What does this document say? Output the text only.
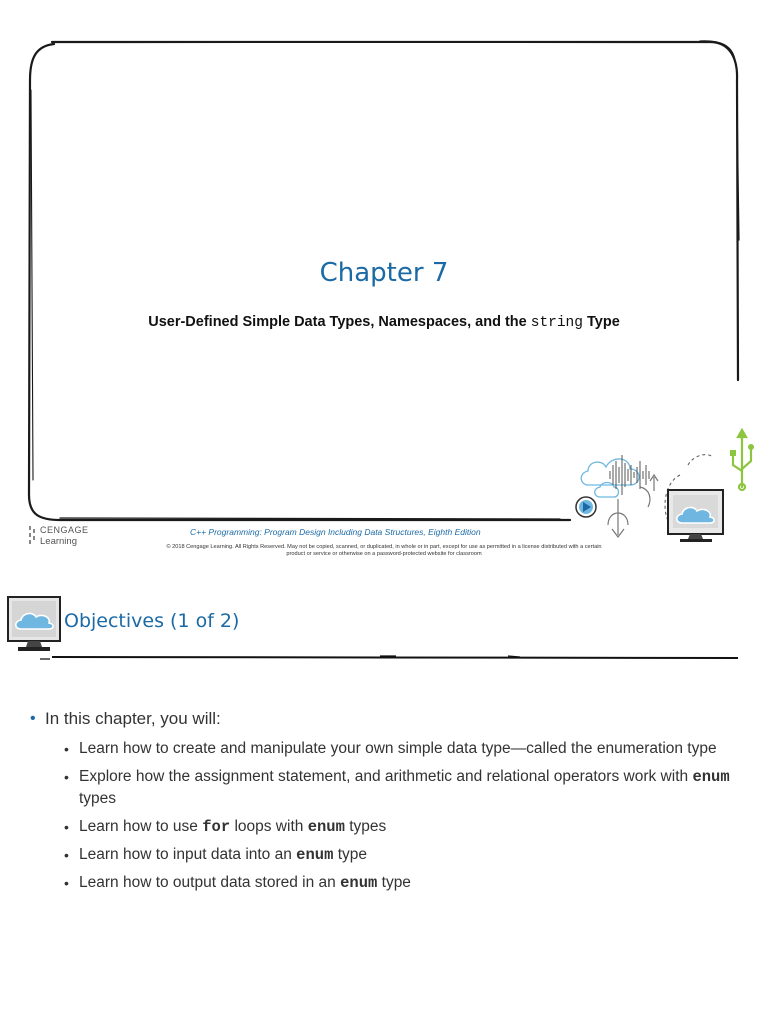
Chapter 7
User-Defined Simple Data Types, Namespaces, and the string Type
CENGAGE
Learning
C++ Programming: Program Design Including Data Structures, Eighth Edition
© 2018 Cengage Learning. All Rights Reserved. May not be copied, scanned, or duplicated, in whole or in part, except for use as permitted in a license distributed with a certain
product or service or otherwise on a password-protected website for classroom
Objectives (1 of 2)
• In this chapter, you will:
• Learn how to create and manipulate your own simple data type—called the enumeration type
• Explore how the assignment statement, and arithmetic and relational operators work with enum types
• Learn how to use for loops with enum types
• Learn how to input data into an enum type
• Learn how to output data stored in an enum type
